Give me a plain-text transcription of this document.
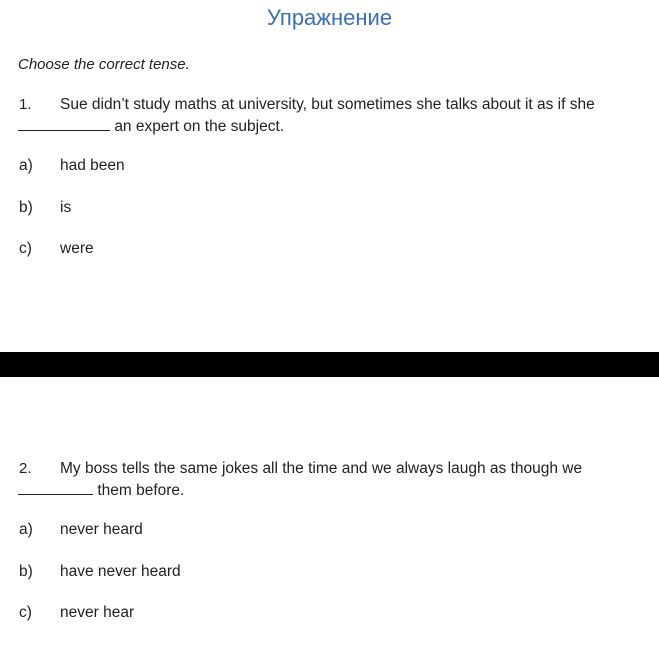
Упражнение
Choose the correct tense.
1. Sue didn’t study maths at university, but sometimes she talks about it as if she
an expert on the subject.
a) had been
b) is
c) were
2. My boss tells the same jokes all the time and we always laugh as though we
them before.
a) never heard
b) have never heard
c) never hear
